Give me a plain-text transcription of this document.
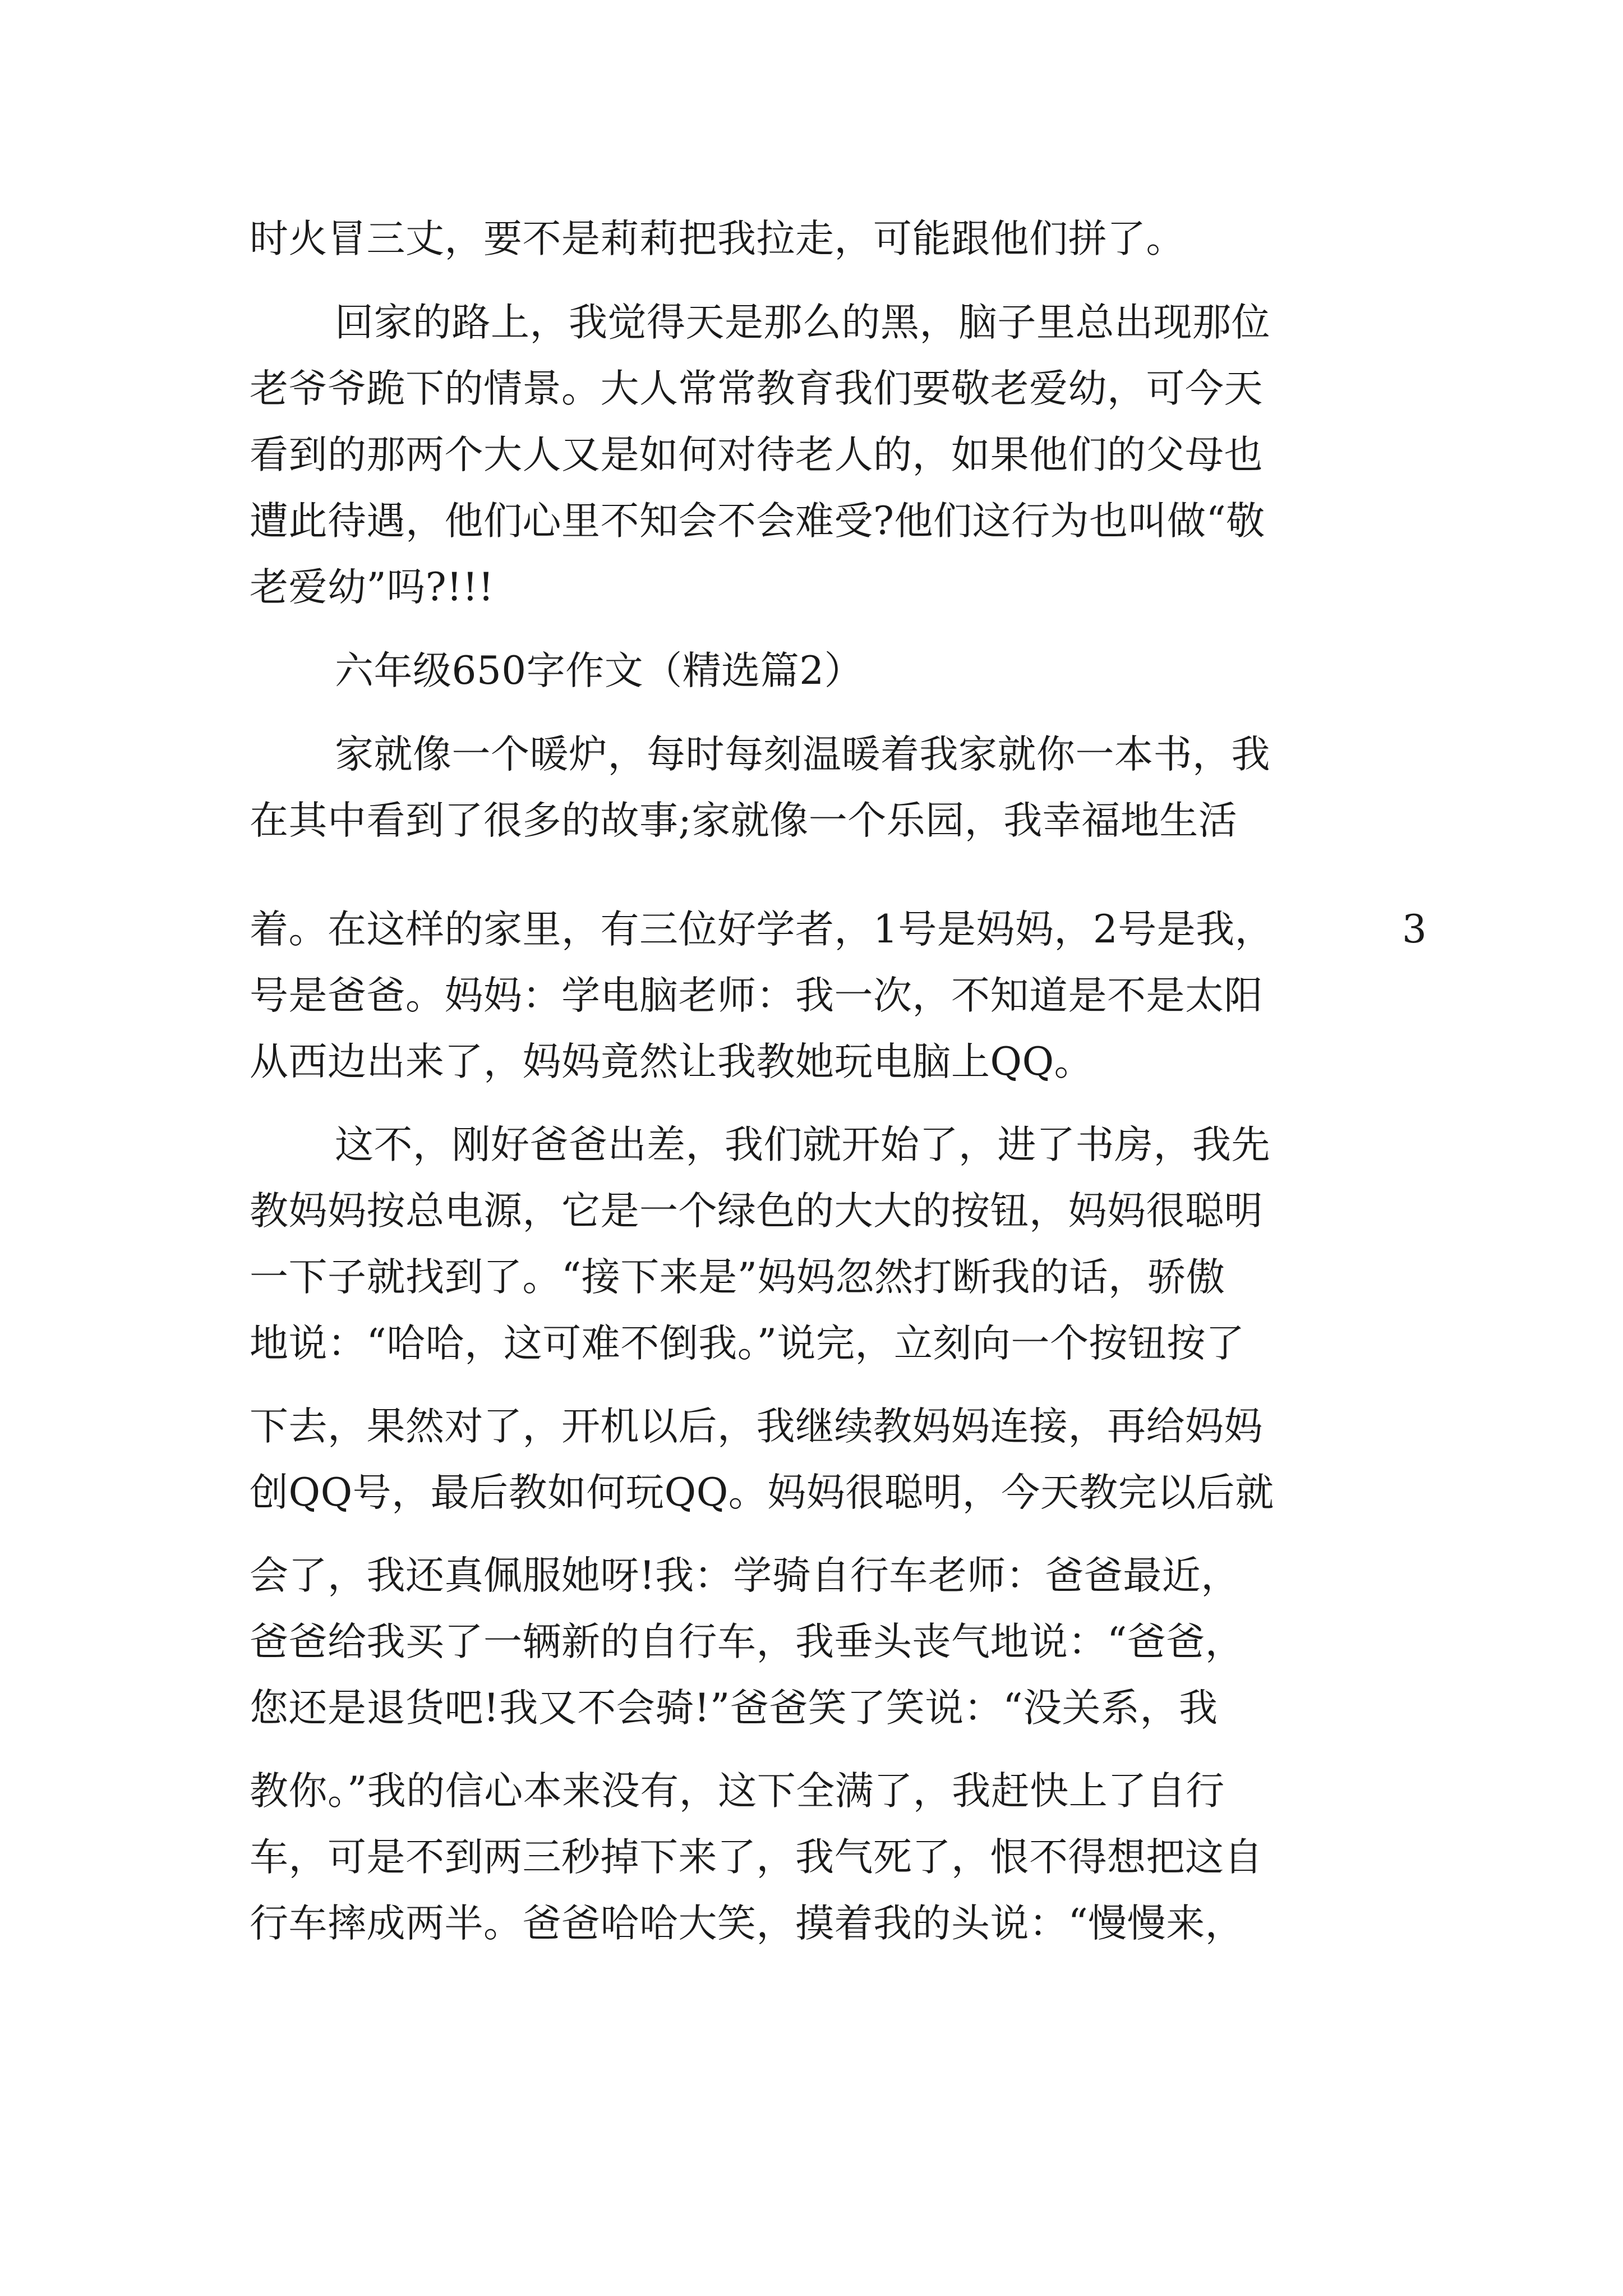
时火冒三丈，要不是莉莉把我拉走，可能跟他们拼了。
回家的路上，我觉得天是那么的黑，脑子里总出现那位
老爷爷跪下的情景。大人常常教育我们要敬老爱幼，可今天
看到的那两个大人又是如何对待老人的，如果他们的父母也
遭此待遇，他们心里不知会不会难受?他们这行为也叫做“敬
老爱幼”吗?!!!
六年级650字作文（精选篇2）
家就像一个暖炉，每时每刻温暖着我家就你一本书，我
在其中看到了很多的故事;家就像一个乐园，我幸福地生活
着。在这样的家里，有三位好学者，1号是妈妈，2号是我，	3
号是爸爸。妈妈：学电脑老师：我一次，不知道是不是太阳
从西边出来了，妈妈竟然让我教她玩电脑上QQ。
这不，刚好爸爸出差，我们就开始了，进了书房，我先
教妈妈按总电源，它是一个绿色的大大的按钮，妈妈很聪明
一下子就找到了。“接下来是”妈妈忽然打断我的话，骄傲
地说：“哈哈，这可难不倒我。”说完，立刻向一个按钮按了
下去，果然对了，开机以后，我继续教妈妈连接，再给妈妈
创QQ号，最后教如何玩QQ。妈妈很聪明，今天教完以后就
会了，我还真佩服她呀!我：学骑自行车老师：爸爸最近，
爸爸给我买了一辆新的自行车，我垂头丧气地说：“爸爸，
您还是退货吧!我又不会骑!”爸爸笑了笑说：“没关系，我
教你。”我的信心本来没有，这下全满了，我赶快上了自行
车，可是不到两三秒掉下来了，我气死了，恨不得想把这自
行车摔成两半。爸爸哈哈大笑，摸着我的头说：“慢慢来，
